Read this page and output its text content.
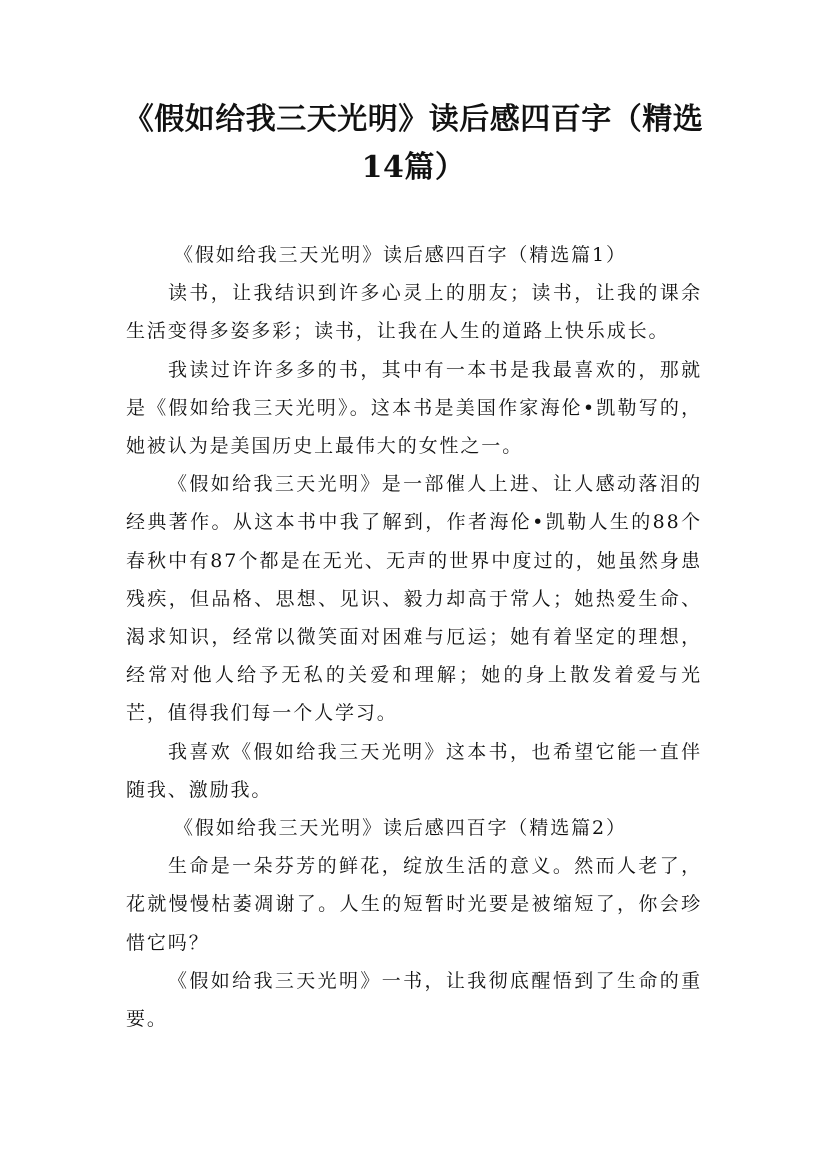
《假如给我三天光明》读后感四百字（精选14篇）

《假如给我三天光明》读后感四百字（精选篇1）

读书，让我结识到许多心灵上的朋友；读书，让我的课余生活变得多姿多彩；读书，让我在人生的道路上快乐成长。

我读过许许多多的书，其中有一本书是我最喜欢的，那就是《假如给我三天光明》。这本书是美国作家海伦•凯勒写的，她被认为是美国历史上最伟大的女性之一。

《假如给我三天光明》是一部催人上进、让人感动落泪的经典著作。从这本书中我了解到，作者海伦•凯勒人生的88个春秋中有87个都是在无光、无声的世界中度过的，她虽然身患残疾，但品格、思想、见识、毅力却高于常人；她热爱生命、渴求知识，经常以微笑面对困难与厄运；她有着坚定的理想，经常对他人给予无私的关爱和理解；她的身上散发着爱与光芒，值得我们每一个人学习。

我喜欢《假如给我三天光明》这本书，也希望它能一直伴随我、激励我。

《假如给我三天光明》读后感四百字（精选篇2）

生命是一朵芬芳的鲜花，绽放生活的意义。然而人老了，花就慢慢枯萎凋谢了。人生的短暂时光要是被缩短了，你会珍惜它吗？

《假如给我三天光明》一书，让我彻底醒悟到了生命的重要。
